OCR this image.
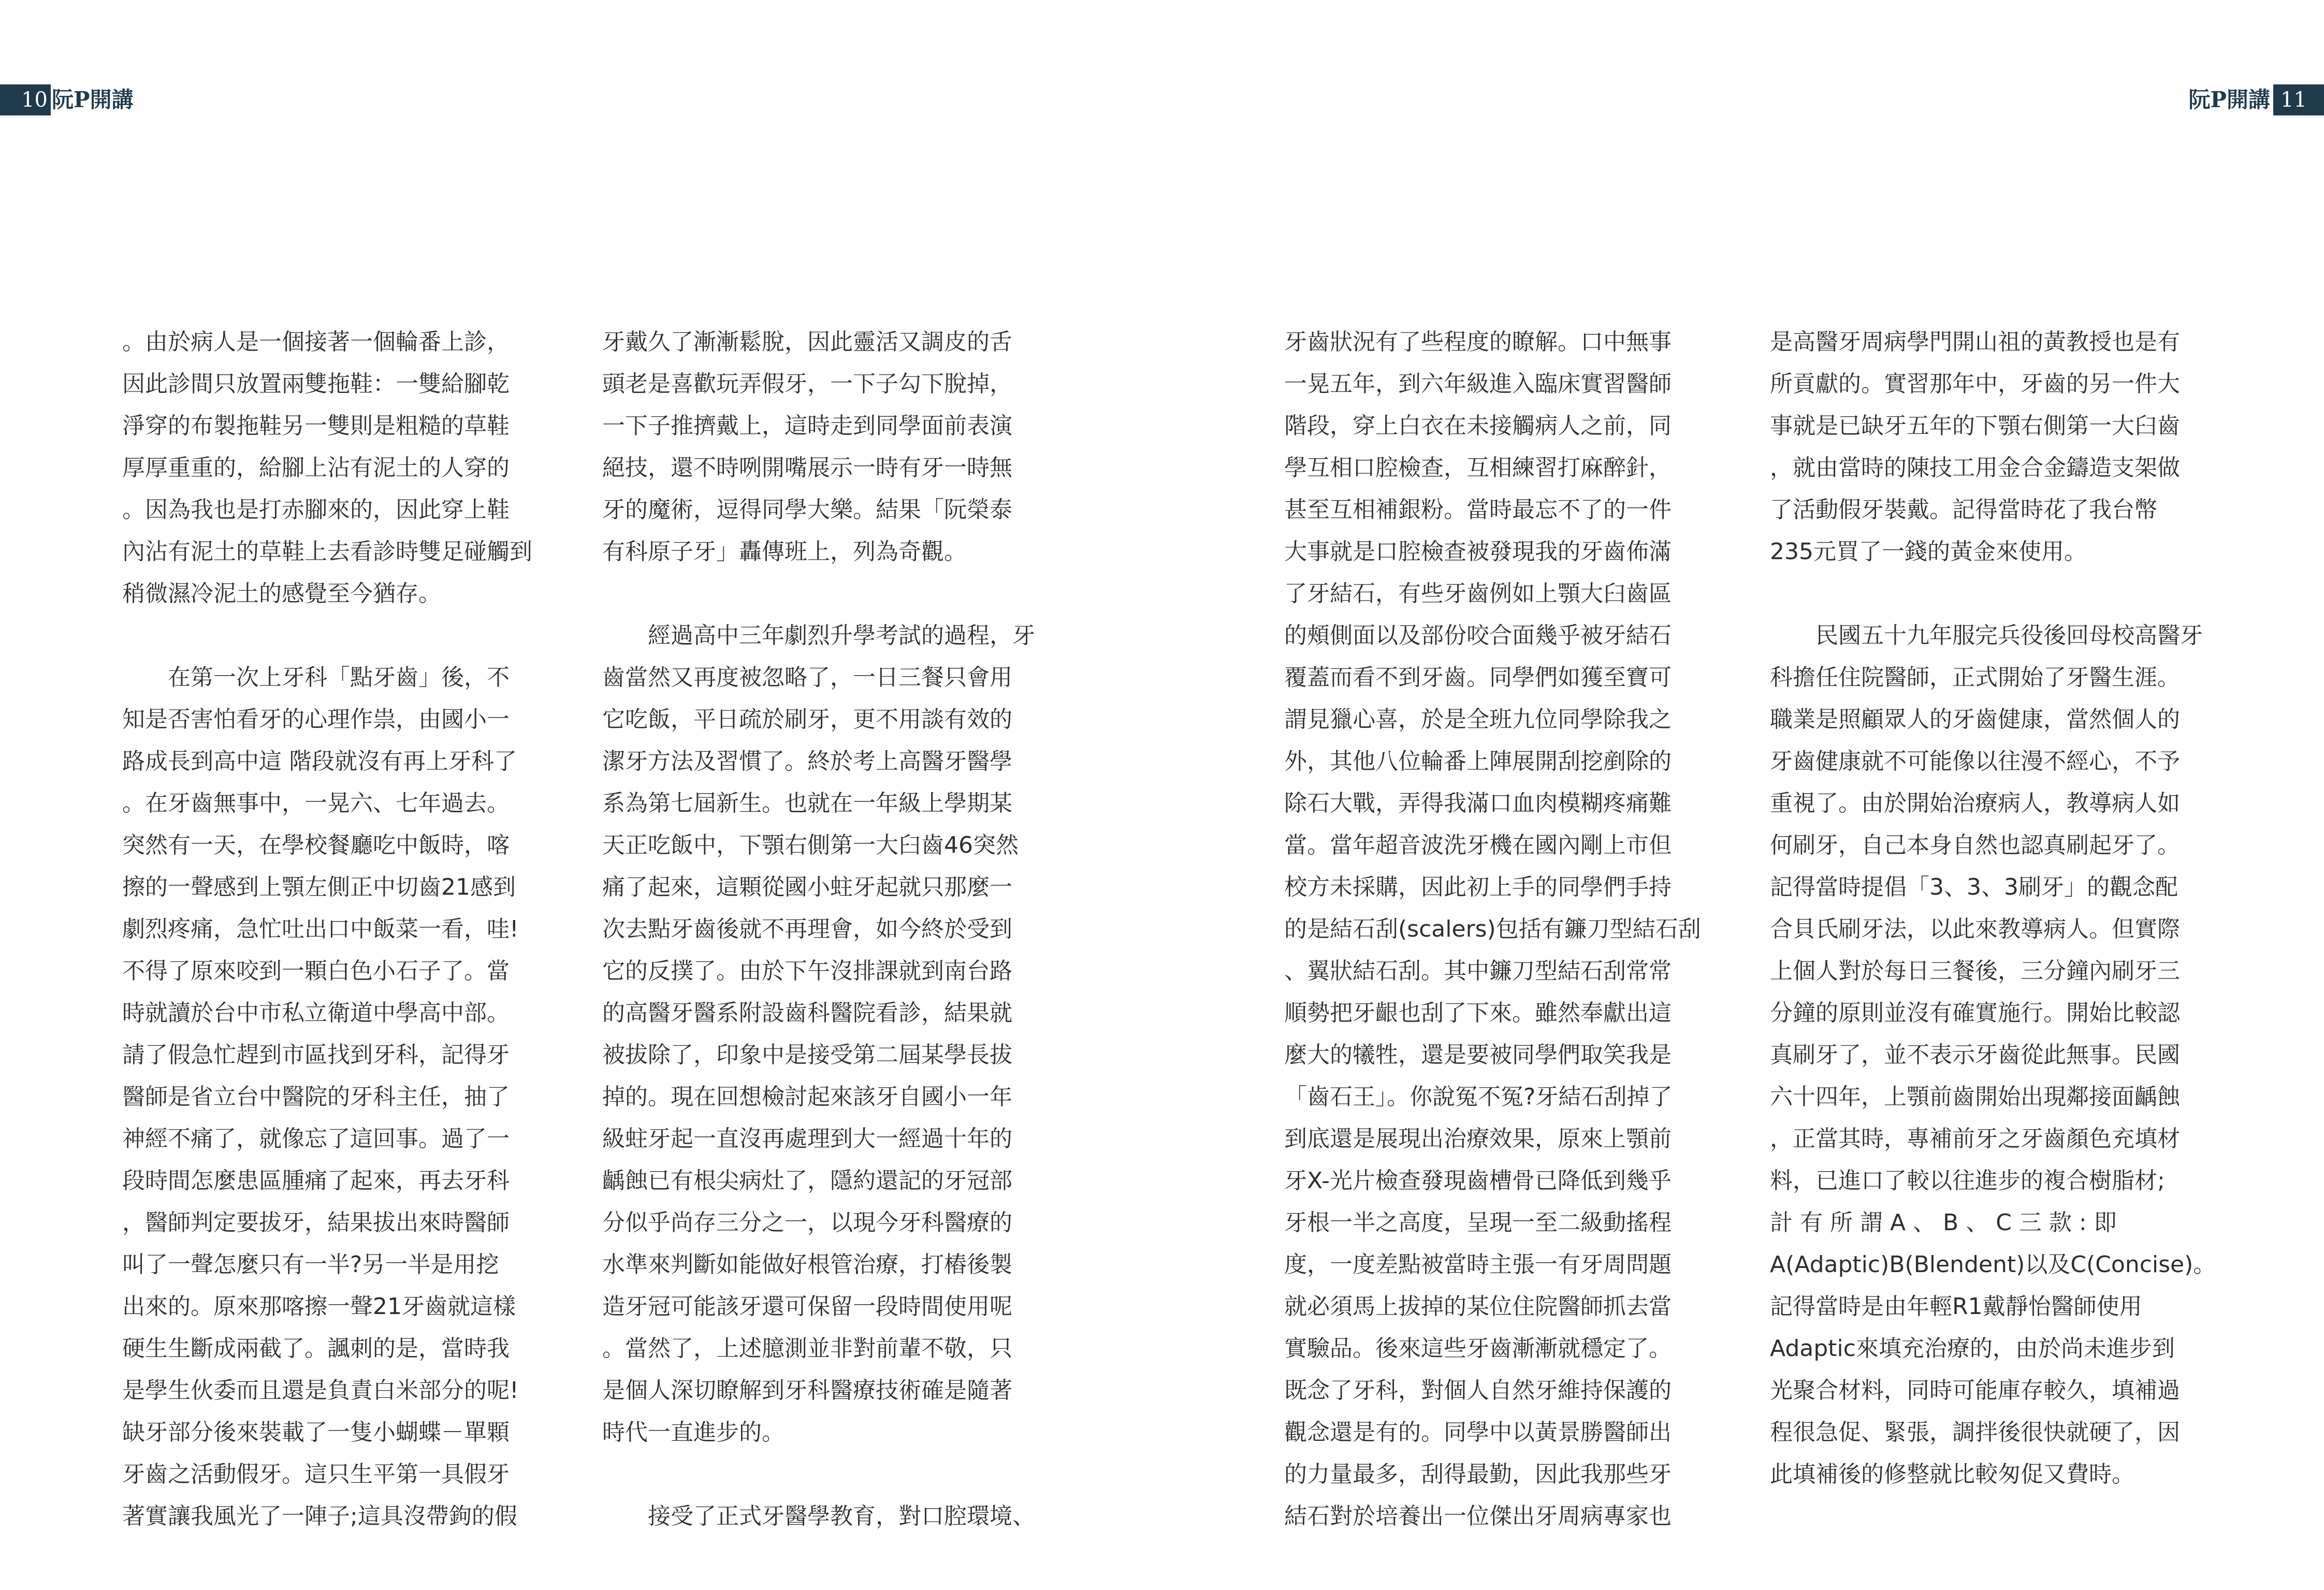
10 阮P開講

。由於病人是一個接著一個輪番上診，

因此診間只放置兩雙拖鞋：一雙給腳乾

淨穿的布製拖鞋另一雙則是粗糙的草鞋

厚厚重重的，給腳上沾有泥土的人穿的

。因為我也是打赤腳來的，因此穿上鞋

內沾有泥土的草鞋上去看診時雙足碰觸到

稍微濕冷泥土的感覺至今猶存。

　　在第一次上牙科「點牙齒」後，不

知是否害怕看牙的心理作祟，由國小一

路成長到高中這 階段就沒有再上牙科了

。在牙齒無事中，一晃六、七年過去。

突然有一天，在學校餐廳吃中飯時，喀

擦的一聲感到上顎左側正中切齒21感到

劇烈疼痛，急忙吐出口中飯菜一看，哇!

不得了原來咬到一顆白色小石子了。當

時就讀於台中市私立衛道中學高中部。

請了假急忙趕到市區找到牙科，記得牙

醫師是省立台中醫院的牙科主任，抽了

神經不痛了，就像忘了這回事。過了一

段時間怎麼患區腫痛了起來，再去牙科

，醫師判定要拔牙，結果拔出來時醫師

叫了一聲怎麼只有一半?另一半是用挖

出來的。原來那喀擦一聲21牙齒就這樣

硬生生斷成兩截了。諷刺的是，當時我

是學生伙委而且還是負責白米部分的呢!

缺牙部分後來裝載了一隻小蝴蝶－單顆

牙齒之活動假牙。這只生平第一具假牙

著實讓我風光了一陣子;這具沒帶鉤的假

牙戴久了漸漸鬆脫，因此靈活又調皮的舌

頭老是喜歡玩弄假牙，一下子勾下脫掉，

一下子推擠戴上，這時走到同學面前表演

絕技，還不時咧開嘴展示一時有牙一時無

牙的魔術，逗得同學大樂。結果「阮榮泰

有科原子牙」轟傳班上，列為奇觀。

　　經過高中三年劇烈升學考試的過程，牙

齒當然又再度被忽略了，一日三餐只會用

它吃飯，平日疏於刷牙，更不用談有效的

潔牙方法及習慣了。終於考上高醫牙醫學

系為第七屆新生。也就在一年級上學期某

天正吃飯中，下顎右側第一大臼齒46突然

痛了起來，這顆從國小蛀牙起就只那麼一

次去點牙齒後就不再理會，如今終於受到

它的反撲了。由於下午沒排課就到南台路

的高醫牙醫系附設齒科醫院看診，結果就

被拔除了，印象中是接受第二屆某學長拔

掉的。現在回想檢討起來該牙自國小一年

級蛀牙起一直沒再處理到大一經過十年的

齲蝕已有根尖病灶了，隱約還記的牙冠部

分似乎尚存三分之一，以現今牙科醫療的

水準來判斷如能做好根管治療，打樁後製

造牙冠可能該牙還可保留一段時間使用呢

。當然了，上述臆測並非對前輩不敬，只

是個人深切瞭解到牙科醫療技術確是隨著

時代一直進步的。

　　接受了正式牙醫學教育，對口腔環境、

11
阮P開講

牙齒狀況有了些程度的瞭解。口中無事

一晃五年，到六年級進入臨床實習醫師

階段，穿上白衣在未接觸病人之前，同

學互相口腔檢查，互相練習打麻醉針，

甚至互相補銀粉。當時最忘不了的一件

大事就是口腔檢查被發現我的牙齒佈滿

了牙結石，有些牙齒例如上顎大臼齒區

的頰側面以及部份咬合面幾乎被牙結石

覆蓋而看不到牙齒。同學們如獲至寶可

謂見獵心喜，於是全班九位同學除我之

外，其他八位輪番上陣展開刮挖剷除的

除石大戰，弄得我滿口血肉模糊疼痛難

當。當年超音波洗牙機在國內剛上市但

校方未採購，因此初上手的同學們手持

的是結石刮(scalers)包括有鐮刀型結石刮

、翼狀結石刮。其中鐮刀型結石刮常常

順勢把牙齦也刮了下來。雖然奉獻出這

麼大的犧牲，還是要被同學們取笑我是

「齒石王」。你說冤不冤?牙結石刮掉了

到底還是展現出治療效果，原來上顎前

牙X-光片檢查發現齒槽骨已降低到幾乎

牙根一半之高度，呈現一至二級動搖程

度，一度差點被當時主張一有牙周問題

就必須馬上拔掉的某位住院醫師抓去當

實驗品。後來這些牙齒漸漸就穩定了。

既念了牙科，對個人自然牙維持保護的

觀念還是有的。同學中以黃景勝醫師出

的力量最多，刮得最勤，因此我那些牙

結石對於培養出一位傑出牙周病專家也

是高醫牙周病學門開山祖的黃教授也是有

所貢獻的。實習那年中，牙齒的另一件大

事就是已缺牙五年的下顎右側第一大臼齒

，就由當時的陳技工用金合金鑄造支架做

了活動假牙裝戴。記得當時花了我台幣

235元買了一錢的黃金來使用。

　　民國五十九年服完兵役後回母校高醫牙

科擔任住院醫師，正式開始了牙醫生涯。

職業是照顧眾人的牙齒健康，當然個人的

牙齒健康就不可能像以往漫不經心，不予

重視了。由於開始治療病人，教導病人如

何刷牙，自己本身自然也認真刷起牙了。

記得當時提倡「3、3、3刷牙」的觀念配

合貝氏刷牙法，以此來教導病人。但實際

上個人對於每日三餐後，三分鐘內刷牙三

分鐘的原則並沒有確實施行。開始比較認

真刷牙了，並不表示牙齒從此無事。民國

六十四年，上顎前齒開始出現鄰接面齲蝕

，正當其時，專補前牙之牙齒顏色充填材

料，已進口了較以往進步的複合樹脂材;

計 有 所 謂 A 、 B 、 C 三 款 : 即

A(Adaptic)B(Blendent)以及C(Concise)。

記得當時是由年輕R1戴靜怡醫師使用

Adaptic來填充治療的，由於尚未進步到

光聚合材料，同時可能庫存較久，填補過

程很急促、緊張，調拌後很快就硬了，因

此填補後的修整就比較匆促又費時。
